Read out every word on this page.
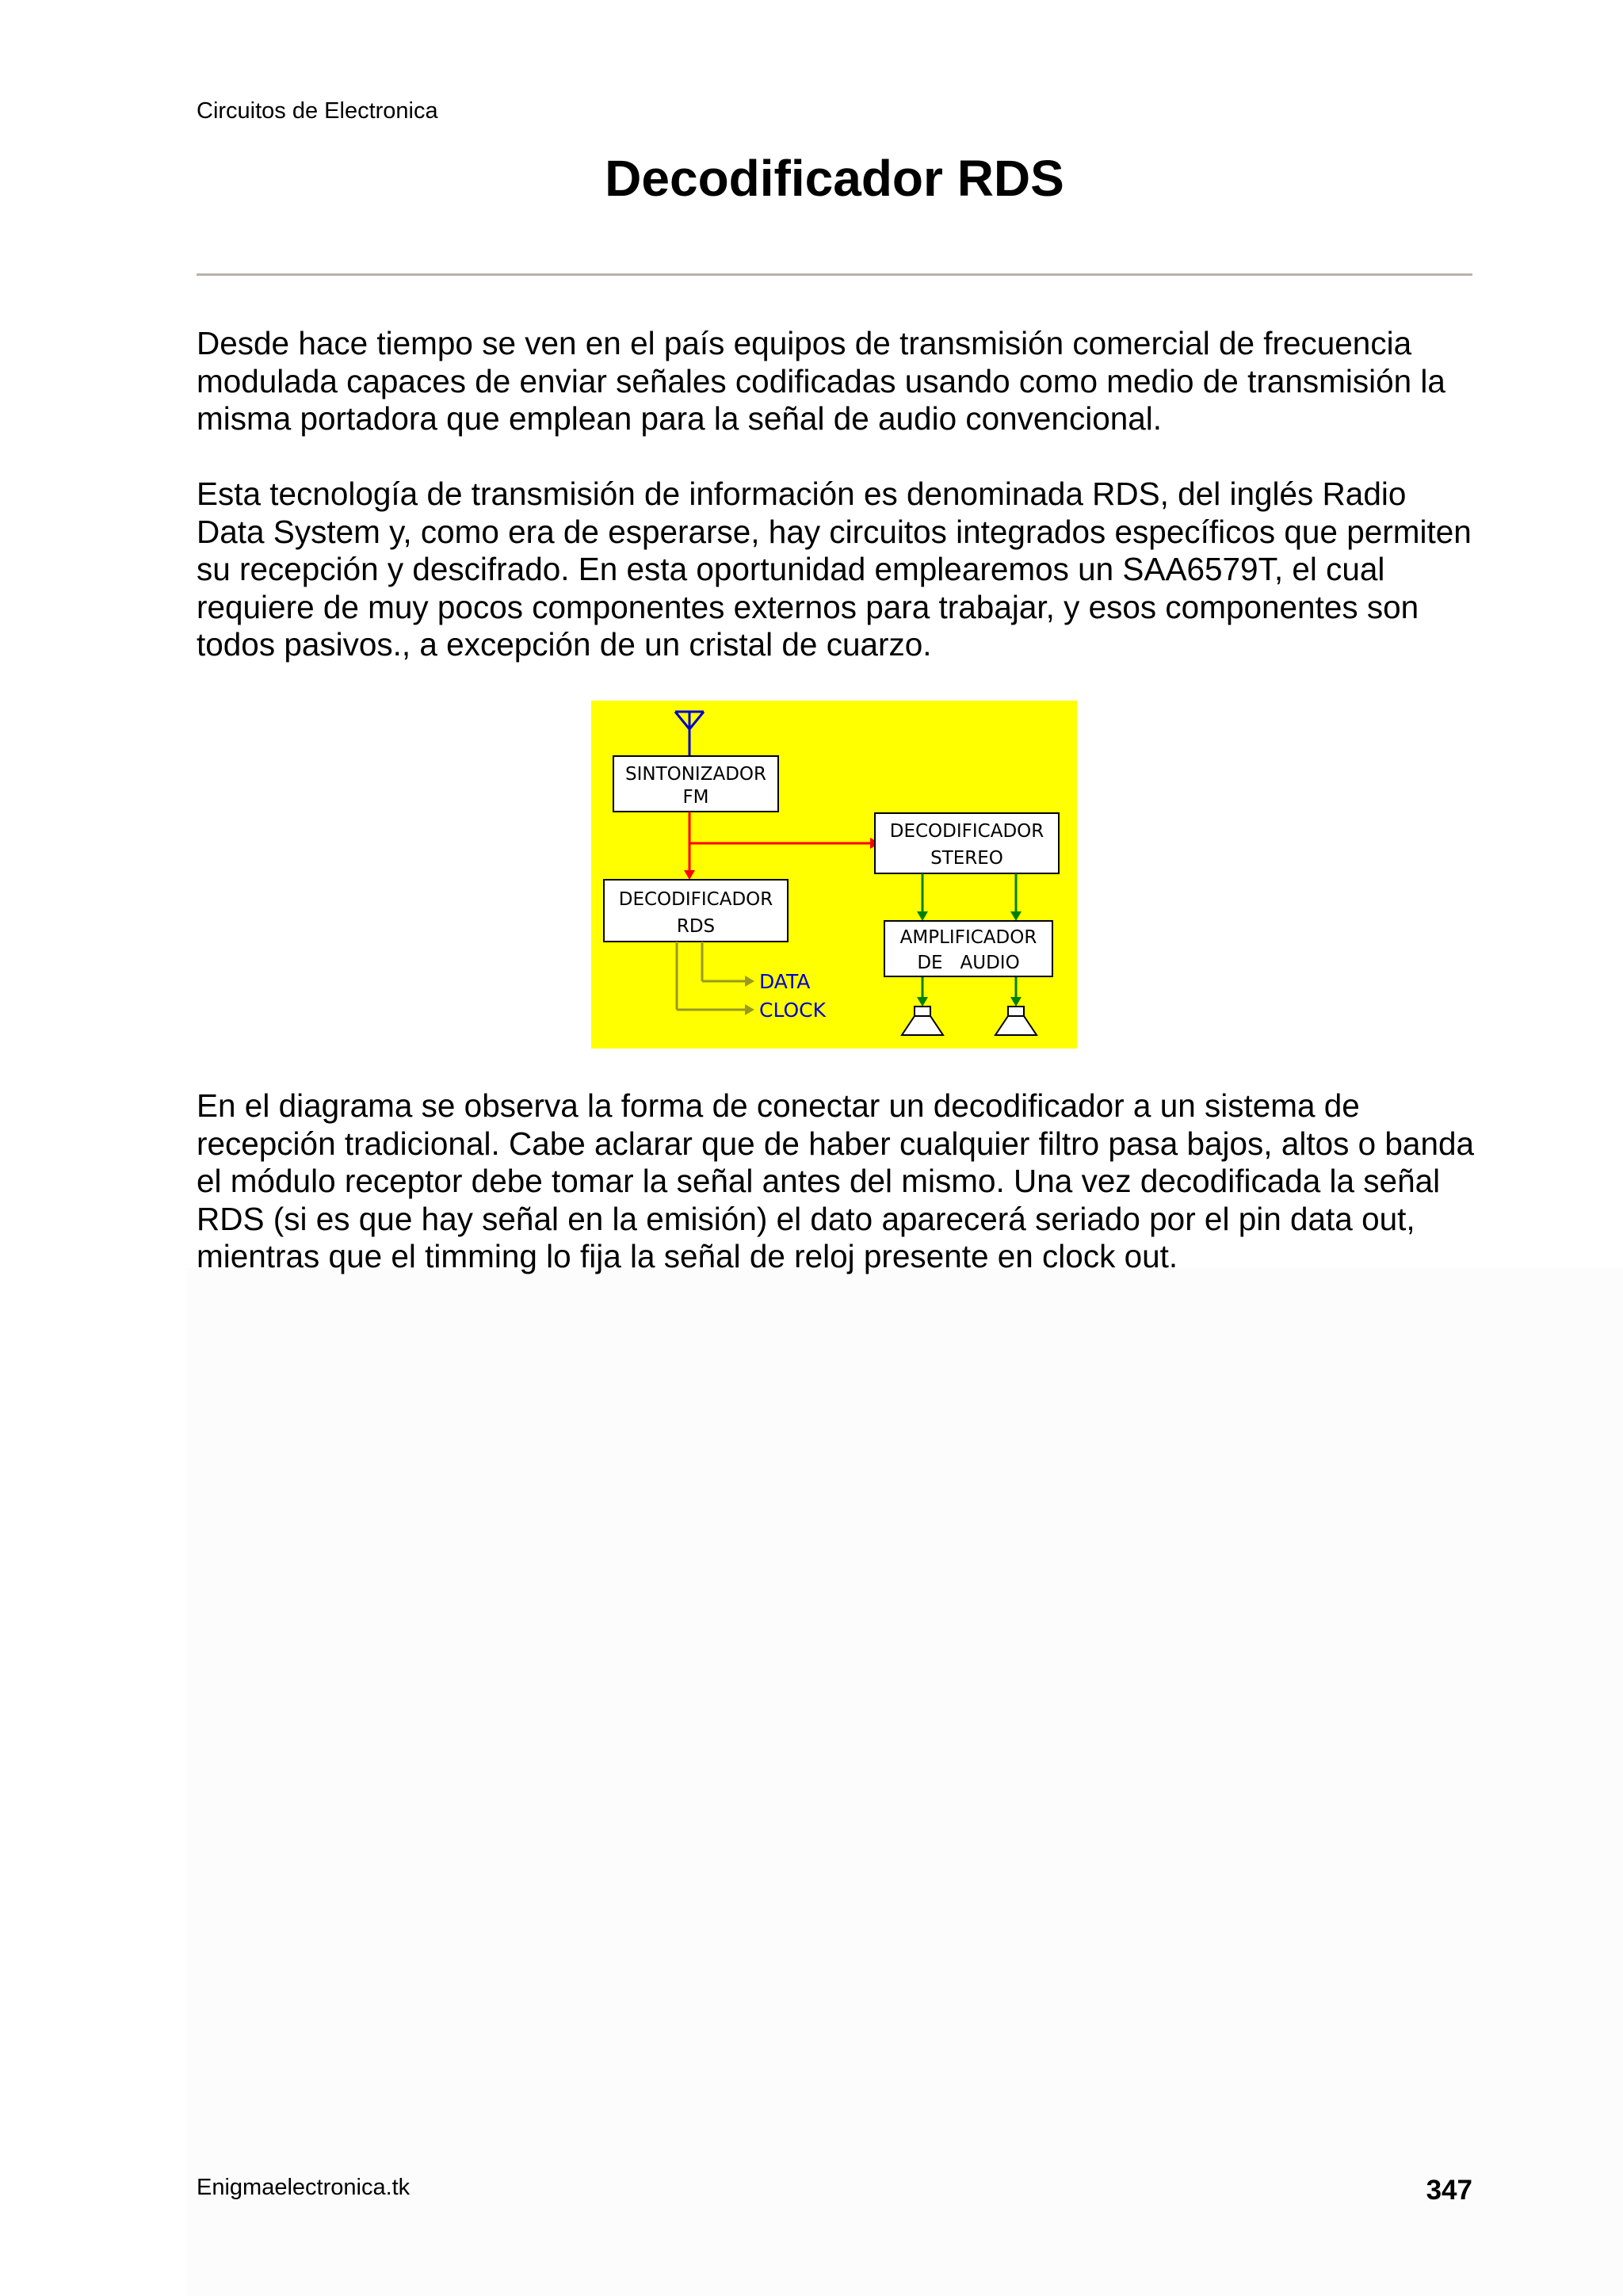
Circuitos de Electronica
Decodificador RDS

Desde hace tiempo se ven en el país equipos de transmisión comercial de frecuencia modulada capaces de enviar señales codificadas usando como medio de transmisión la misma portadora que emplean para la señal de audio convencional.

Esta tecnología de transmisión de información es denominada RDS, del inglés Radio Data System y, como era de esperarse, hay circuitos integrados específicos que permiten su recepción y descifrado. En esta oportunidad emplearemos un SAA6579T, el cual requiere de muy pocos componentes externos para trabajar, y esos componentes son todos pasivos., a excepción de un cristal de cuarzo.

SINTONIZADOR
FM
DECODIFICADOR
STEREO
DECODIFICADOR
RDS
AMPLIFICADOR
DE   AUDIO
DATA
CLOCK

En el diagrama se observa la forma de conectar un decodificador a un sistema de recepción tradicional. Cabe aclarar que de haber cualquier filtro pasa bajos, altos o banda el módulo receptor debe tomar la señal antes del mismo. Una vez decodificada la señal RDS (si es que hay señal en la emisión) el dato aparecerá seriado por el pin data out, mientras que el timming lo fija la señal de reloj presente en clock out.

Enigmaelectronica.tk	347
